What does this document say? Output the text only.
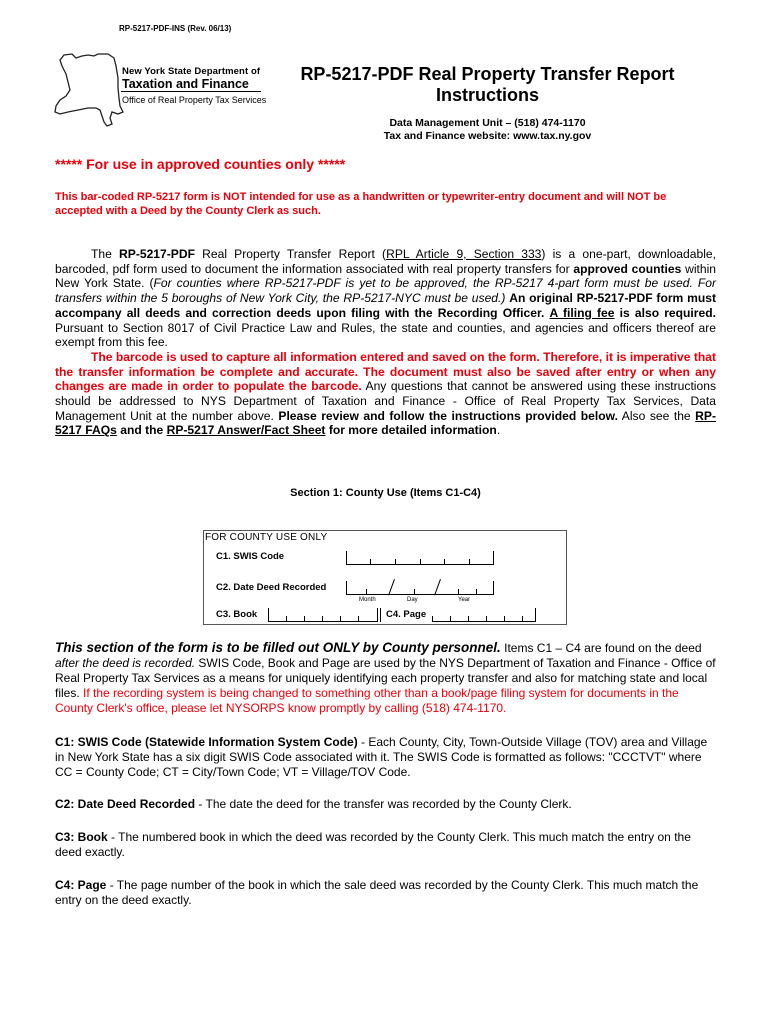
RP-5217-PDF-INS (Rev. 06/13)
New York State Department of
Taxation and Finance
Office of Real Property Tax Services
RP-5217-PDF Real Property Transfer Report
Instructions
Data Management Unit – (518) 474-1170
Tax and Finance website: www.tax.ny.gov
***** For use in approved counties only *****
This bar-coded RP-5217 form is NOT intended for use as a handwritten or typewriter-entry document and will NOT be accepted with a Deed by the County Clerk as such.
The RP-5217-PDF Real Property Transfer Report (RPL Article 9, Section 333) is a one-part, downloadable, barcoded, pdf form used to document the information associated with real property transfers for approved counties within New York State. (For counties where RP-5217-PDF is yet to be approved, the RP-5217 4-part form must be used. For transfers within the 5 boroughs of New York City, the RP-5217-NYC must be used.) An original RP-5217-PDF form must accompany all deeds and correction deeds upon filing with the Recording Officer. A filing fee is also required. Pursuant to Section 8017 of Civil Practice Law and Rules, the state and counties, and agencies and officers thereof are exempt from this fee.
The barcode is used to capture all information entered and saved on the form. Therefore, it is imperative that the transfer information be complete and accurate. The document must also be saved after entry or when any changes are made in order to populate the barcode. Any questions that cannot be answered using these instructions should be addressed to NYS Department of Taxation and Finance - Office of Real Property Tax Services, Data Management Unit at the number above. Please review and follow the instructions provided below. Also see the RP-5217 FAQs and the RP-5217 Answer/Fact Sheet for more detailed information.
Section 1: County Use (Items C1-C4)
FOR COUNTY USE ONLY
C1. SWIS Code
C2. Date Deed Recorded
C3. Book	C4. Page
Month	Day	Year
This section of the form is to be filled out ONLY by County personnel. Items C1 – C4 are found on the deed after the deed is recorded. SWIS Code, Book and Page are used by the NYS Department of Taxation and Finance - Office of Real Property Tax Services as a means for uniquely identifying each property transfer and also for matching state and local files. If the recording system is being changed to something other than a book/page filing system for documents in the County Clerk's office, please let NYSORPS know promptly by calling (518) 474-1170.
C1: SWIS Code (Statewide Information System Code) - Each County, City, Town-Outside Village (TOV) area and Village in New York State has a six digit SWIS Code associated with it. The SWIS Code is formatted as follows: "CCCTVT" where CC = County Code; CT = City/Town Code; VT = Village/TOV Code.
C2: Date Deed Recorded - The date the deed for the transfer was recorded by the County Clerk.
C3: Book - The numbered book in which the deed was recorded by the County Clerk. This much match the entry on the deed exactly.
C4: Page - The page number of the book in which the sale deed was recorded by the County Clerk. This much match the entry on the deed exactly.
